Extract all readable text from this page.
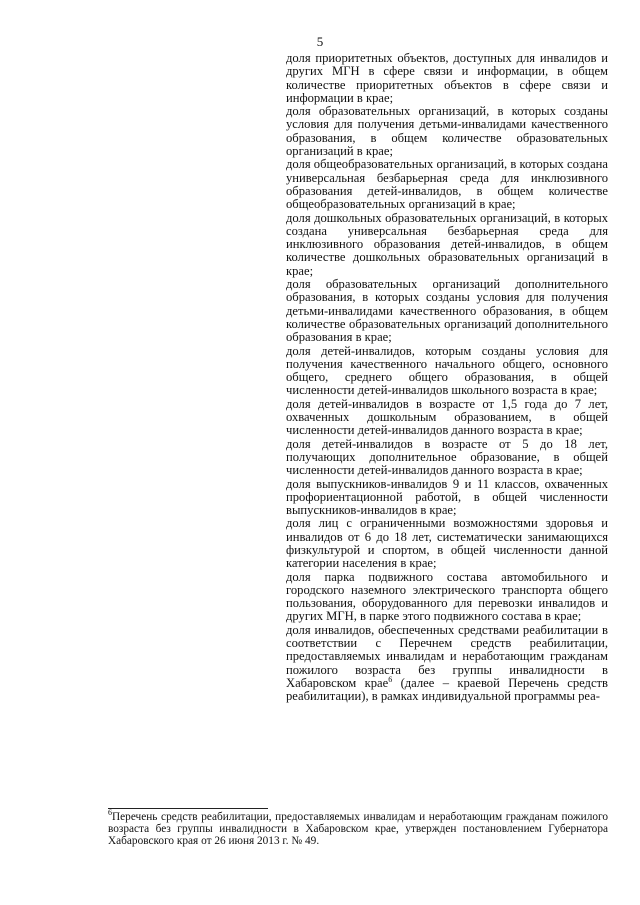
5

доля приоритетных объектов, доступных для инвалидов и других МГН в сфере связи и информации, в общем количестве приоритетных объектов в сфере связи и информации в крае;

доля образовательных организаций, в которых созданы условия для получения детьми-инвалидами качественного образования, в общем количестве образовательных организаций в крае;

доля общеобразовательных организаций, в которых создана универсальная безбарьерная среда для инклюзивного образования детей-инвалидов, в общем количестве общеобразовательных организаций в крае;

доля дошкольных образовательных организаций, в которых создана универсальная безбарьерная среда для инклюзивного образования детей-инвалидов, в общем количестве дошкольных образовательных организаций в крае;

доля образовательных организаций дополнительного образования, в которых созданы условия для получения детьми-инвалидами качественного образования, в общем количестве образовательных организаций дополнительного образования в крае;

доля детей-инвалидов, которым созданы условия для получения качественного начального общего, основного общего, среднего общего образования, в общей численности детей-инвалидов школьного возраста в крае;

доля детей-инвалидов в возрасте от 1,5 года до 7 лет, охваченных дошкольным образованием, в общей численности детей-инвалидов данного возраста в крае;

доля детей-инвалидов в возрасте от 5 до 18 лет, получающих дополнительное образование, в общей численности детей-инвалидов данного возраста в крае;

доля выпускников-инвалидов 9 и 11 классов, охваченных профориентационной работой, в общей численности выпускников-инвалидов в крае;

доля лиц с ограниченными возможностями здоровья и инвалидов от 6 до 18 лет, систематически занимающихся физкультурой и спортом, в общей численности данной категории населения в крае;

доля парка подвижного состава автомобильного и городского наземного электрического транспорта общего пользования, оборудованного для перевозки инвалидов и других МГН, в парке этого подвижного состава в крае;

доля инвалидов, обеспеченных средствами реабилитации в соответствии с Перечнем средств реабилитации, предоставляемых инвалидам и неработающим гражданам пожилого возраста без группы инвалидности в Хабаровском крае$^6$ (далее – краевой Перечень средств реабилитации), в рамках индивидуальной программы реа-

$^6$Перечень средств реабилитации, предоставляемых инвалидам и неработающим гражданам пожилого возраста без группы инвалидности в Хабаровском крае, утвержден постановлением Губернатора Хабаровского края от 26 июня 2013 г. № 49.
